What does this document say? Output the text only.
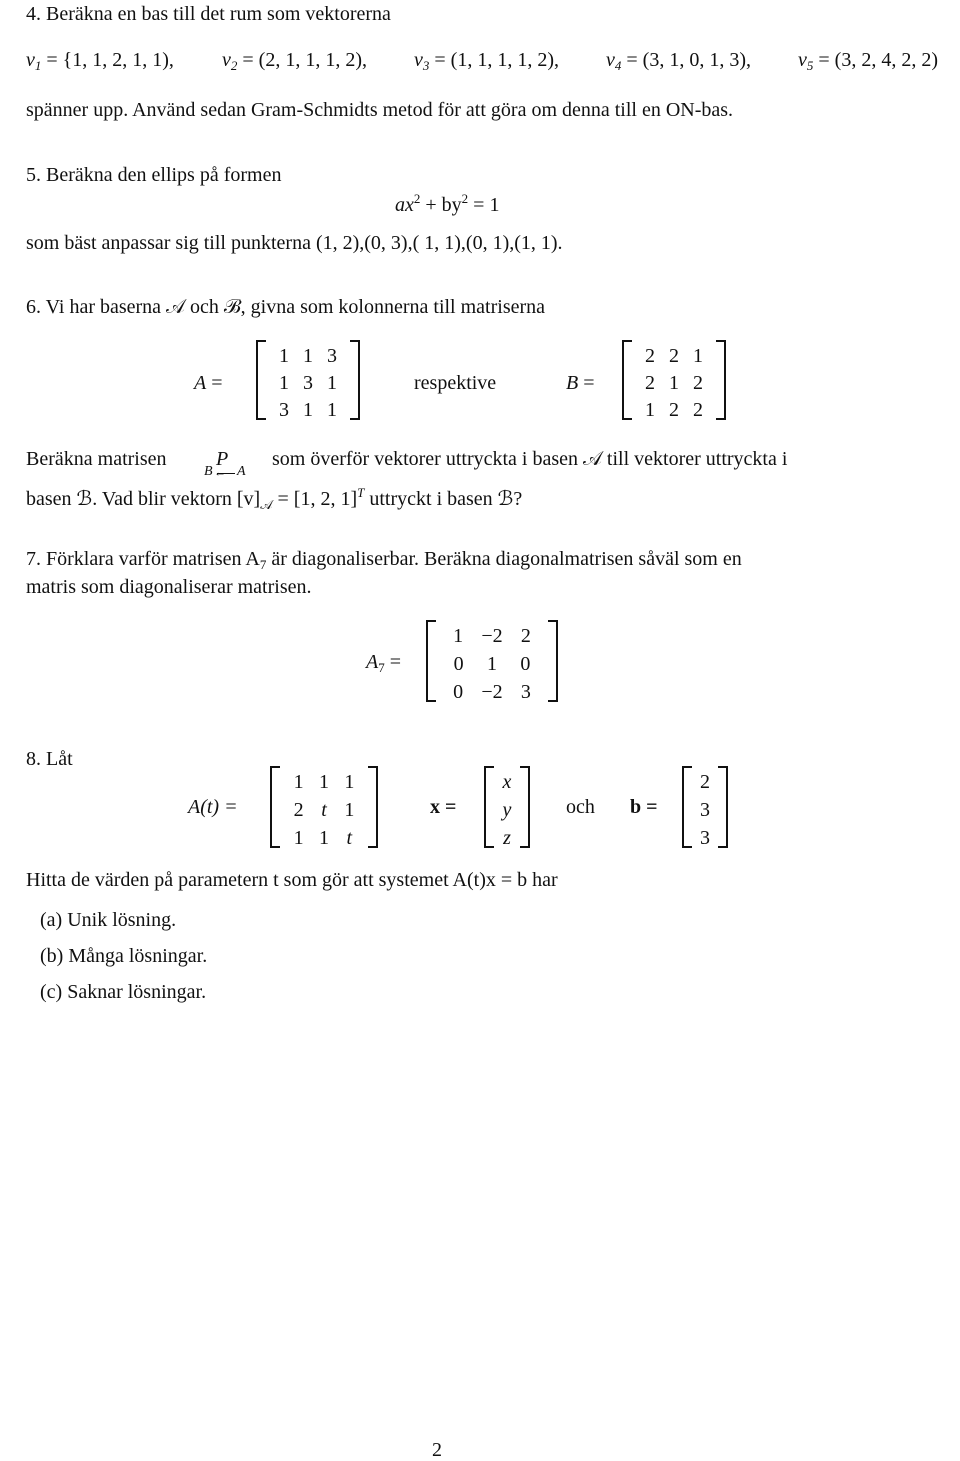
4. Beräkna en bas till det rum som vektorerna
$v_1 = \{1$, 1, 2, 1, 1), $v_2 = (2$, 1, 1, 1, 2), $v_3 = (1$, 1, 1, 1, 2), $v_4 = (3$, 1, 0, 1, 3), $v_5 = (3$, 2, 4, 2, 2)
spänner upp. Använd sedan Gram-Schmidts metod för att göra om denna till en ON-bas.
5. Beräkna den ellips på formen
$ax^2 + by^2 = 1$
som bäst anpassar sig till punkterna (1, 2),(0, 3),( 1, 1),(0, 1),(1, 1).
6. Vi har baserna 𝒜 och ℬ, givna som kolonnerna till matriserna
A =
1 1 3
1 3 1
3 1 1
respektive	B =
2 2 1
2 1 2
1 2 2
Beräkna matrisen P
B ← A
som överför vektorer uttryckta i basen 𝒜 till vektorer uttryckta i
basen ℬ. Vad blir vektorn $[v]_𝒜 = [1$, 2, 1]$^T$ uttryckt i basen ℬ?
7. Förklara varför matrisen $A_7$ är diagonaliserbar. Beräkna diagonalmatrisen såväl som en
matris som diagonaliserar matrisen.
$A_7$ =
1 −2 2
0 1 0
0 −2 3
8. Låt
A(t) =
1 1 1
2 t 1
1 1 t
x =
x
y
z
och b =
2
3
3
Hitta de värden på parametern t som gör att systemet A(t)x = b har
(a) Unik lösning.
(b) Många lösningar.
(c) Saknar lösningar.
2
